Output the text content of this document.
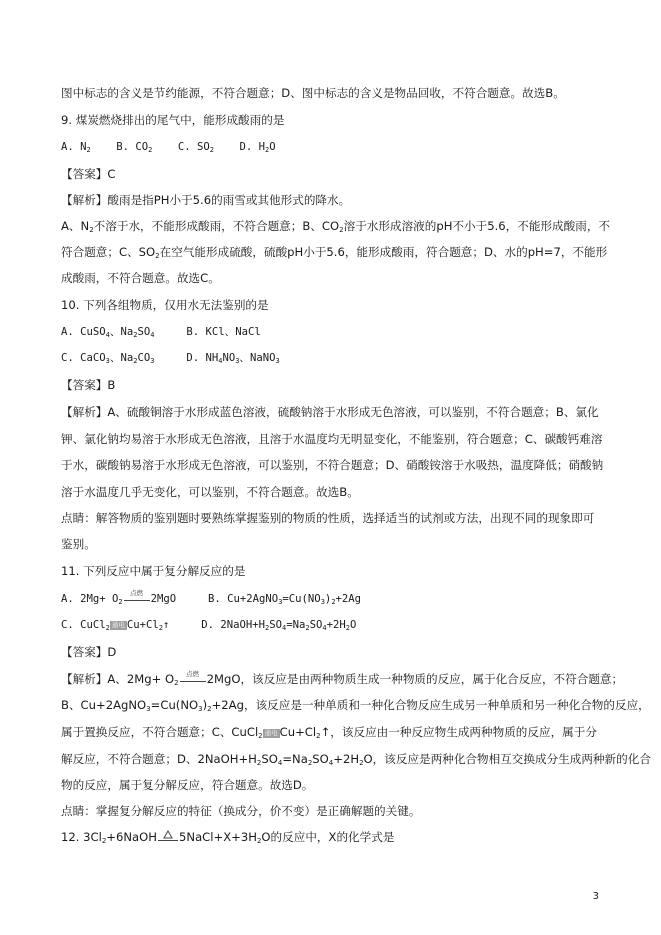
图中标志的含义是节约能源，不符合题意；D、图中标志的含义是物品回收，不符合题意。故选B。
9. 煤炭燃烧排出的尾气中，能形成酸雨的是
A. $N_2$ B. $CO_2$ C. $SO_2$ D. $H_2O$
【答案】C
【解析】酸雨是指PH小于5.6的雨雪或其他形式的降水。
A、$N_2$不溶于水，不能形成酸雨，不符合题意；B、$CO_2$溶于水形成溶液的pH不小于5.6，不能形成酸雨，不
符合题意；C、$SO_2$在空气能形成硫酸，硫酸pH小于5.6，能形成酸雨，符合题意；D、水的pH=7，不能形
成酸雨，不符合题意。故选C。
10. 下列各组物质，仅用水无法鉴别的是
A. CuSO$_4$、$Na_2SO_4$	B. KCl、NaCl
C. CaCO$_3$、$Na_2CO_3$	D. $NH_4NO_3$、NaNO$_3$
【答案】B
【解析】A、硫酸铜溶于水形成蓝色溶液，硫酸钠溶于水形成无色溶液，可以鉴别，不符合题意；B、氯化
钾、氯化钠均易溶于水形成无色溶液，且溶于水温度均无明显变化，不能鉴别，符合题意；C、碳酸钙难溶
于水，碳酸钠易溶于水形成无色溶液，可以鉴别，不符合题意；D、硝酸铵溶于水吸热，温度降低；硝酸钠
溶于水温度几乎无变化，可以鉴别，不符合题意。故选B。
点睛：解答物质的鉴别题时要熟练掌握鉴别的物质的性质，选择适当的试剂或方法，出现不同的现象即可
鉴别。
11. 下列反应中属于复分解反应的是
A. $2Mg+ O_2$
点燃 2MgO	B. $Cu+2AgNO_3=Cu(NO_3)_2+2Ag$
C. CuCl$_2$ 通电 $Cu+Cl_2↑$	D. $2NaOH+H_2SO_4=Na_2SO_4+2H_2O$
【答案】D
【解析】A、$2Mg+ O_2$
点燃 2MgO，该反应是由两种物质生成一种物质的反应，属于化合反应，不符合题意；
B、$Cu+2AgNO_3=Cu(NO_3)_2+2Ag$，该反应是一种单质和一种化合物反应生成另一种单质和另一种化合物的反应，
属于置换反应，不符合题意；C、CuCl$_2$ 通电 $Cu+Cl_2↑$，该反应由一种反应物生成两种物质的反应，属于分
解反应，不符合题意；D、$2NaOH+H_2SO_4=Na_2SO_4+2H_2O$，该反应是两种化合物相互交换成分生成两种新的化合
物的反应，属于复分解反应，符合题意。故选D。
点睛：掌握复分解反应的特征（换成分，价不变）是正确解题的关键。
12. $3Cl_2+6NaOH$ $5NaCl+X+3H_2O$的反应中，X的化学式是
3
